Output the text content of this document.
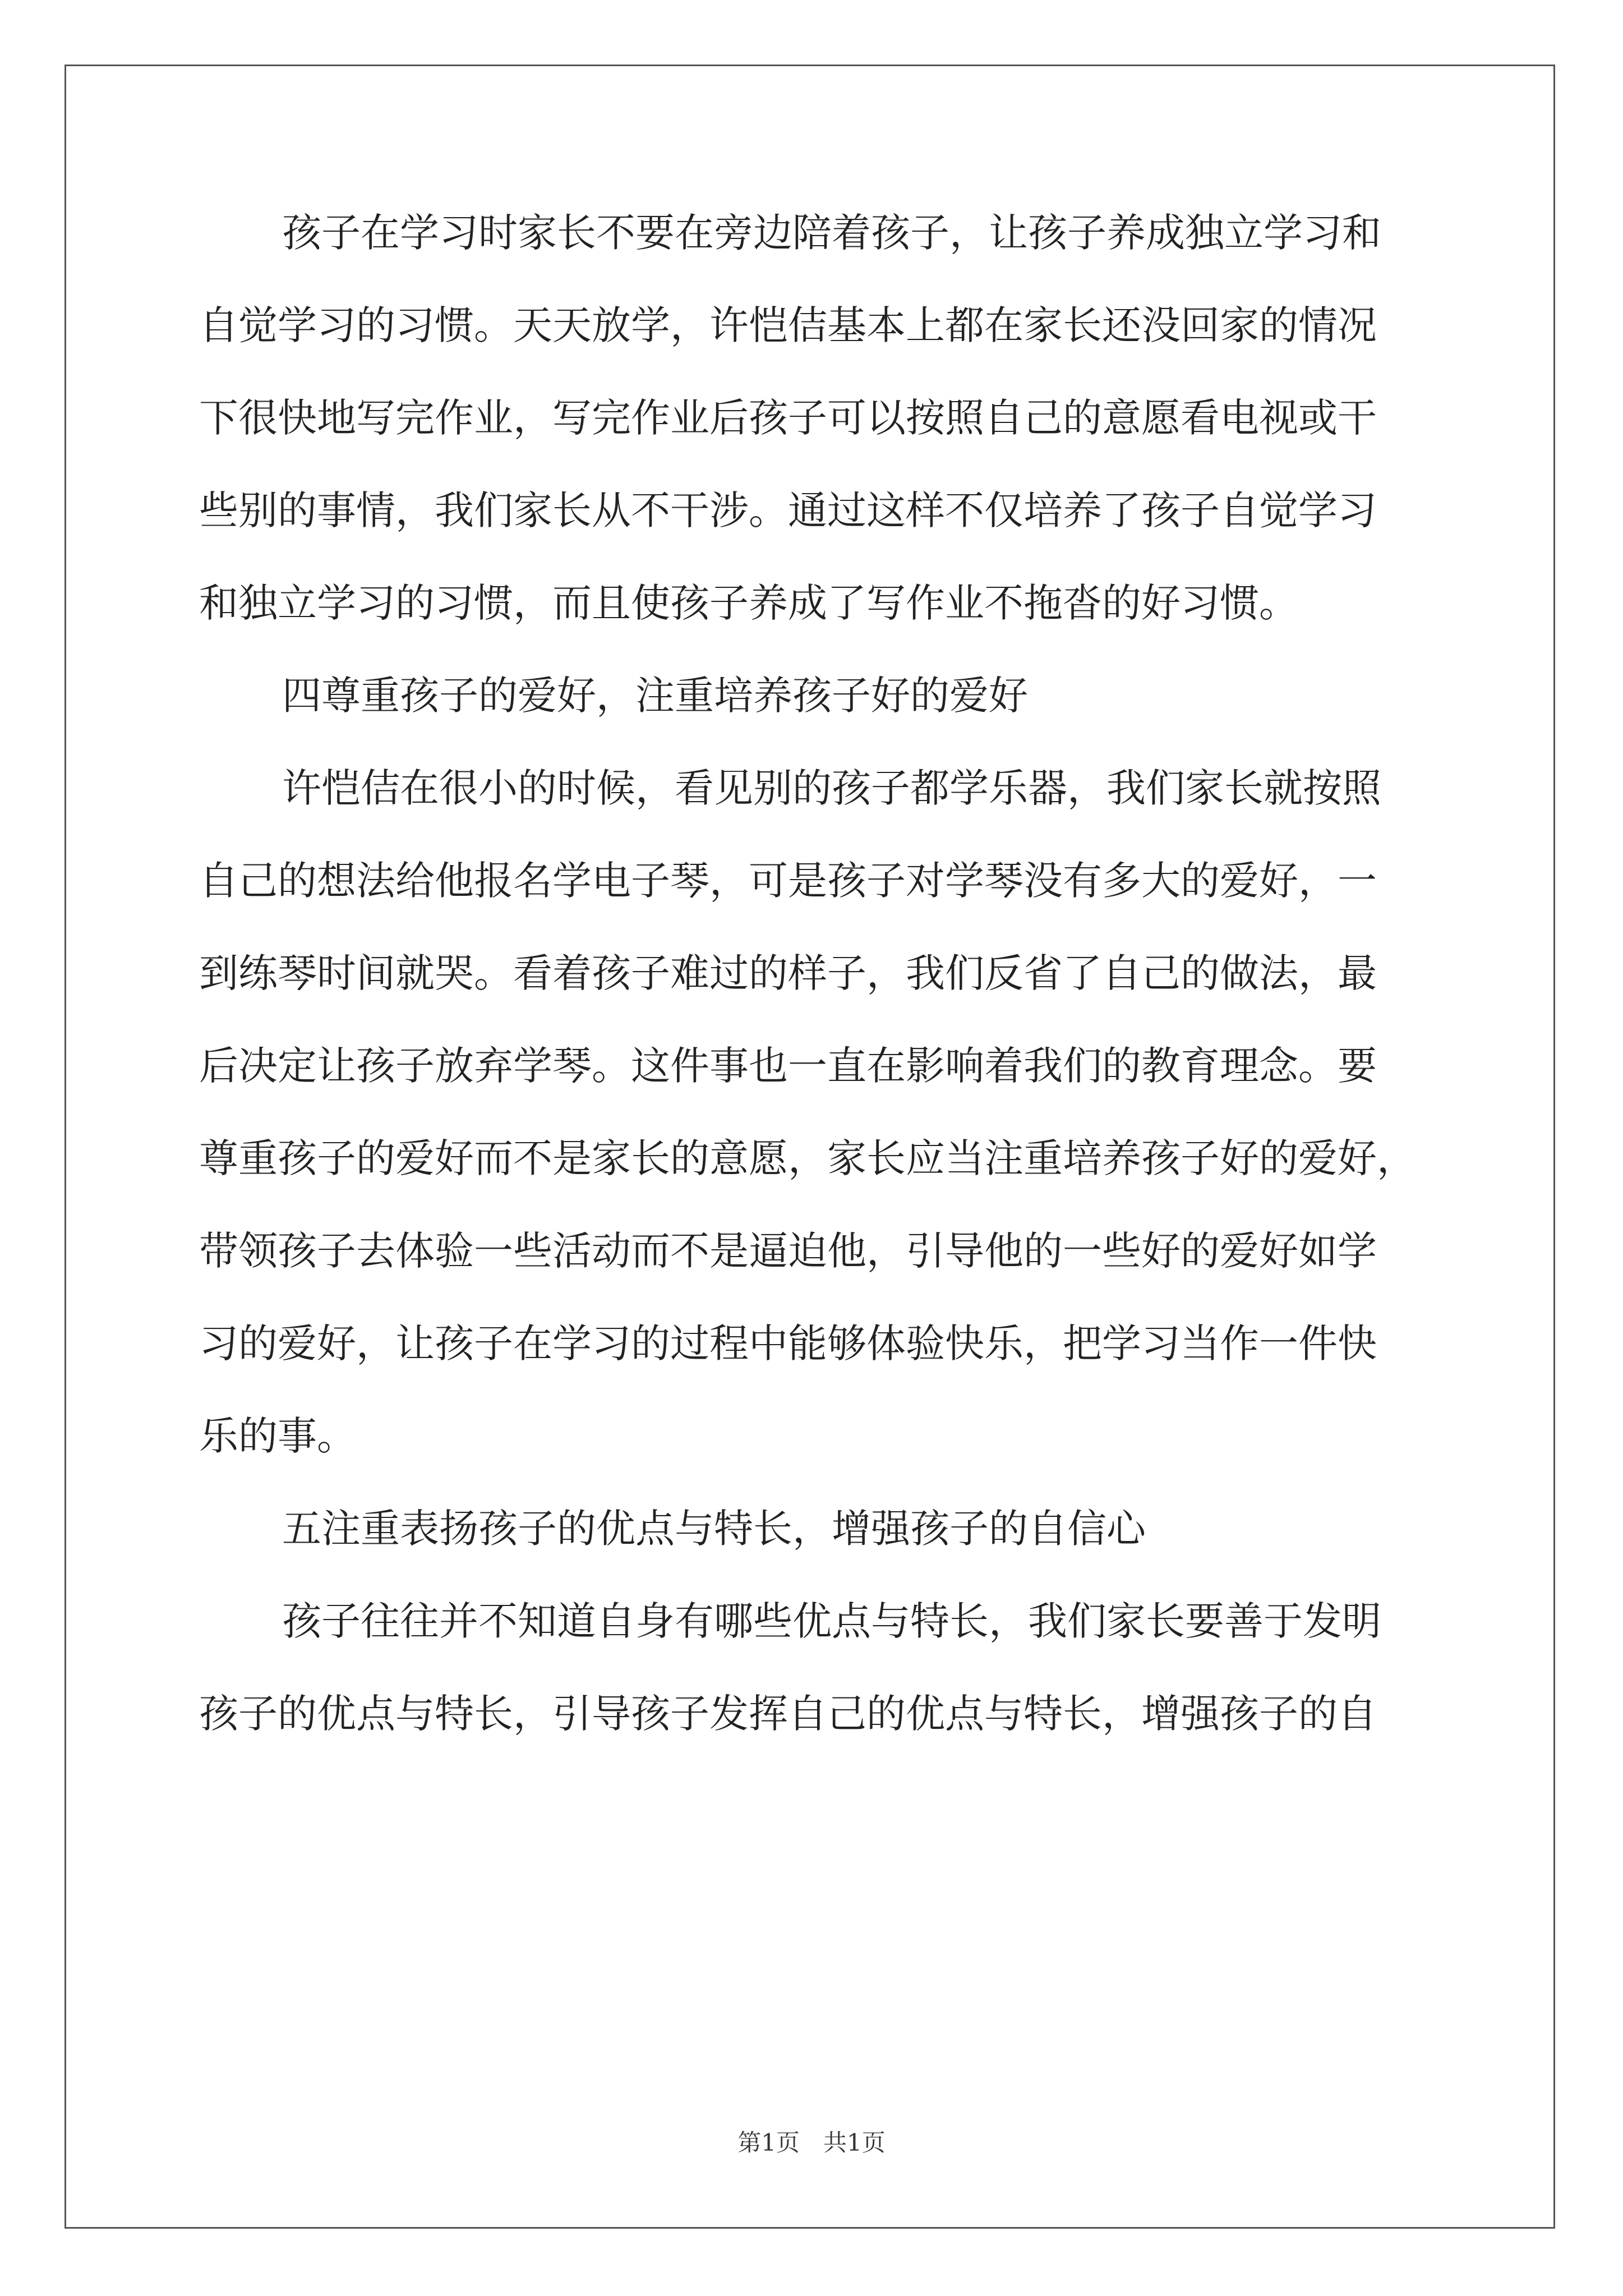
孩子在学习时家长不要在旁边陪着孩子，让孩子养成独立学习和
自觉学习的习惯。天天放学，许恺佶基本上都在家长还没回家的情况
下很快地写完作业，写完作业后孩子可以按照自己的意愿看电视或干
些别的事情，我们家长从不干涉。通过这样不仅培养了孩子自觉学习
和独立学习的习惯，而且使孩子养成了写作业不拖沓的好习惯。
四尊重孩子的爱好，注重培养孩子好的爱好
许恺佶在很小的时候，看见别的孩子都学乐器，我们家长就按照
自己的想法给他报名学电子琴，可是孩子对学琴没有多大的爱好，一
到练琴时间就哭。看着孩子难过的样子，我们反省了自己的做法，最
后决定让孩子放弃学琴。这件事也一直在影响着我们的教育理念。要
尊重孩子的爱好而不是家长的意愿，家长应当注重培养孩子好的爱好，
带领孩子去体验一些活动而不是逼迫他，引导他的一些好的爱好如学
习的爱好，让孩子在学习的过程中能够体验快乐，把学习当作一件快
乐的事。
五注重表扬孩子的优点与特长，增强孩子的自信心
孩子往往并不知道自身有哪些优点与特长，我们家长要善于发明
孩子的优点与特长，引导孩子发挥自己的优点与特长，增强孩子的自
第1页　共1页
